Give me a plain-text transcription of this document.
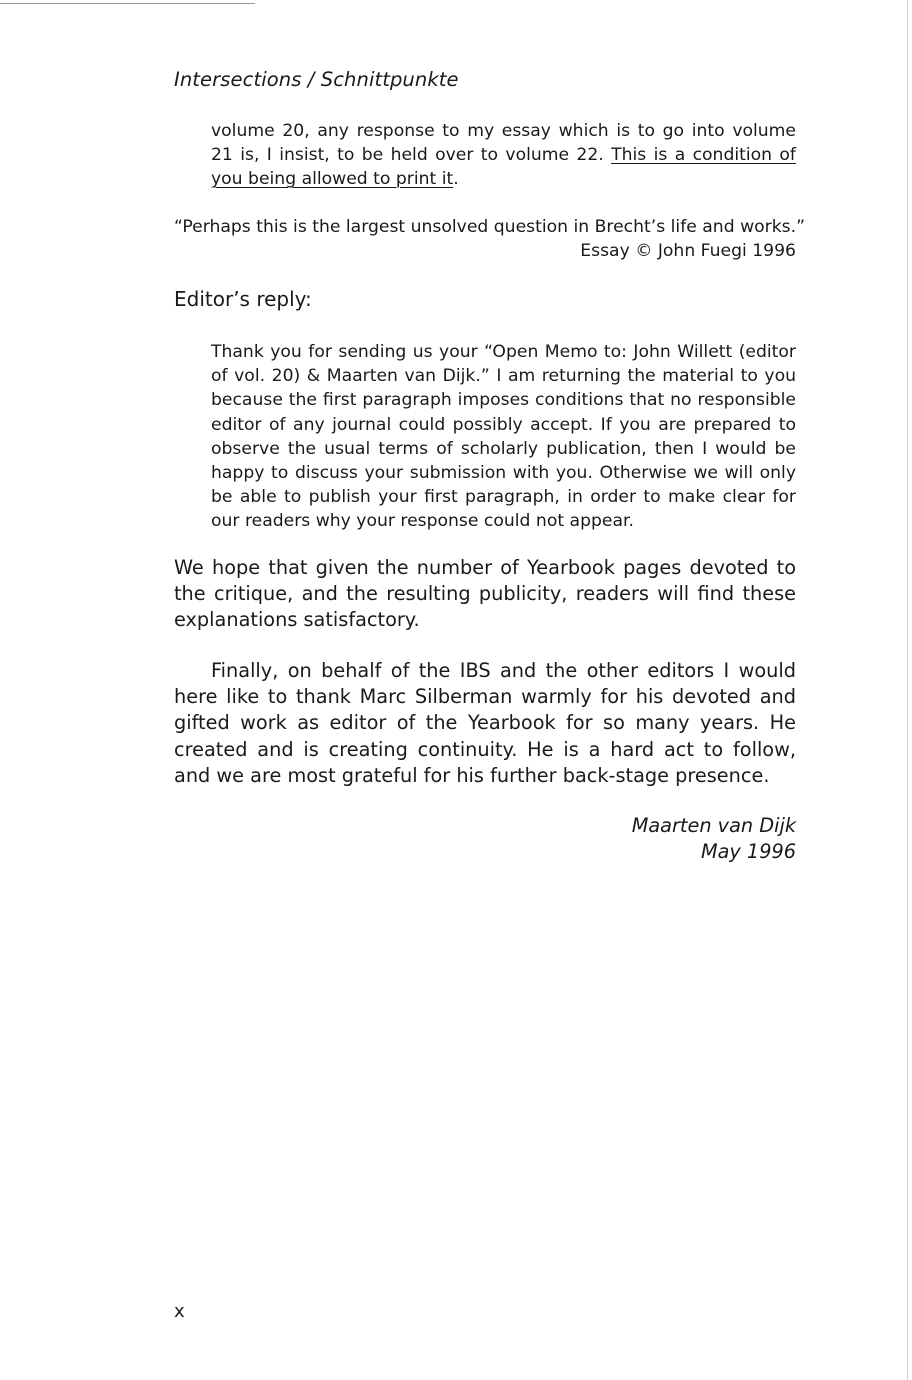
Intersections / Schnittpunkte

volume 20, any response to my essay which is to go into volume 21 is, I insist, to be held over to volume 22. This is a condition of you being allowed to print it.

“Perhaps this is the largest unsolved question in Brecht’s life and works.”
Essay © John Fuegi 1996
Editor’s reply:

Thank you for sending us your “Open Memo to: John Willett (editor of vol. 20) & Maarten van Dijk.” I am returning the material to you because the first paragraph imposes conditions that no responsible editor of any journal could possibly accept. If you are prepared to observe the usual terms of scholarly publication, then I would be happy to discuss your submission with you. Otherwise we will only be able to publish your first paragraph, in order to make clear for our readers why your response could not appear.

We hope that given the number of Yearbook pages devoted to the critique, and the resulting publicity, readers will find these explanations satisfactory.

Finally, on behalf of the IBS and the other editors I would here like to thank Marc Silberman warmly for his devoted and gifted work as editor of the Yearbook for so many years. He created and is creating continuity. He is a hard act to follow, and we are most grateful for his further back-stage presence.

Maarten van Dijk
May 1996
x
